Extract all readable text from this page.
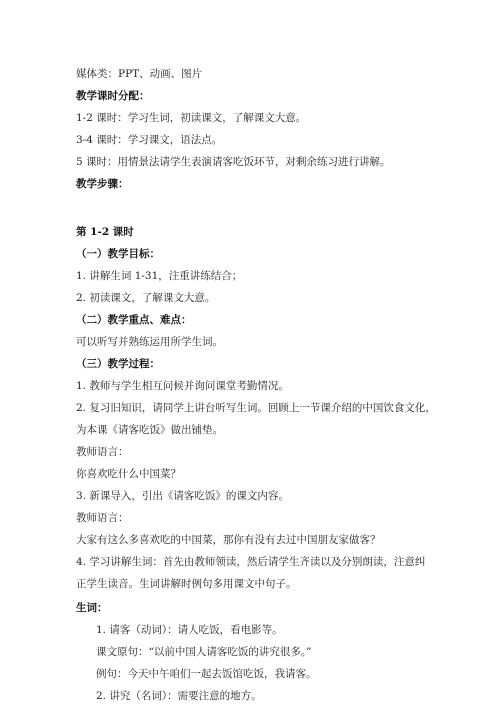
媒体类：PPT、动画、图片
教学课时分配：
1-2 课时：学习生词，初读课文，了解课文大意。
3-4 课时：学习课文，语法点。
5 课时：用情景法请学生表演请客吃饭环节，对剩余练习进行讲解。
教学步骤：
第 1-2 课时
（一）教学目标：
1. 讲解生词 1-31，注重讲练结合；
2. 初读课文，了解课文大意。
（二）教学重点、难点：
可以听写并熟练运用所学生词。
（三）教学过程：
1. 教师与学生相互问候并询问课堂考勤情况。
2. 复习旧知识，请同学上讲台听写生词。回顾上一节课介绍的中国饮食文化，
为本课《请客吃饭》做出铺垫。
教师语言：
你喜欢吃什么中国菜？
3. 新课导入，引出《请客吃饭》的课文内容。
教师语言：
大家有这么多喜欢吃的中国菜，那你有没有去过中国朋友家做客？
4. 学习讲解生词：首先由教师领读，然后请学生齐读以及分别朗读，注意纠正学生读音。生词讲解时例句多用课文中句子。
生词：
1. 请客（动词）：请人吃饭，看电影等。
课文原句：“以前中国人请客吃饭的讲究很多。”
例句：今天中午咱们一起去饭馆吃饭，我请客。
2. 讲究（名词）：需要注意的地方。
